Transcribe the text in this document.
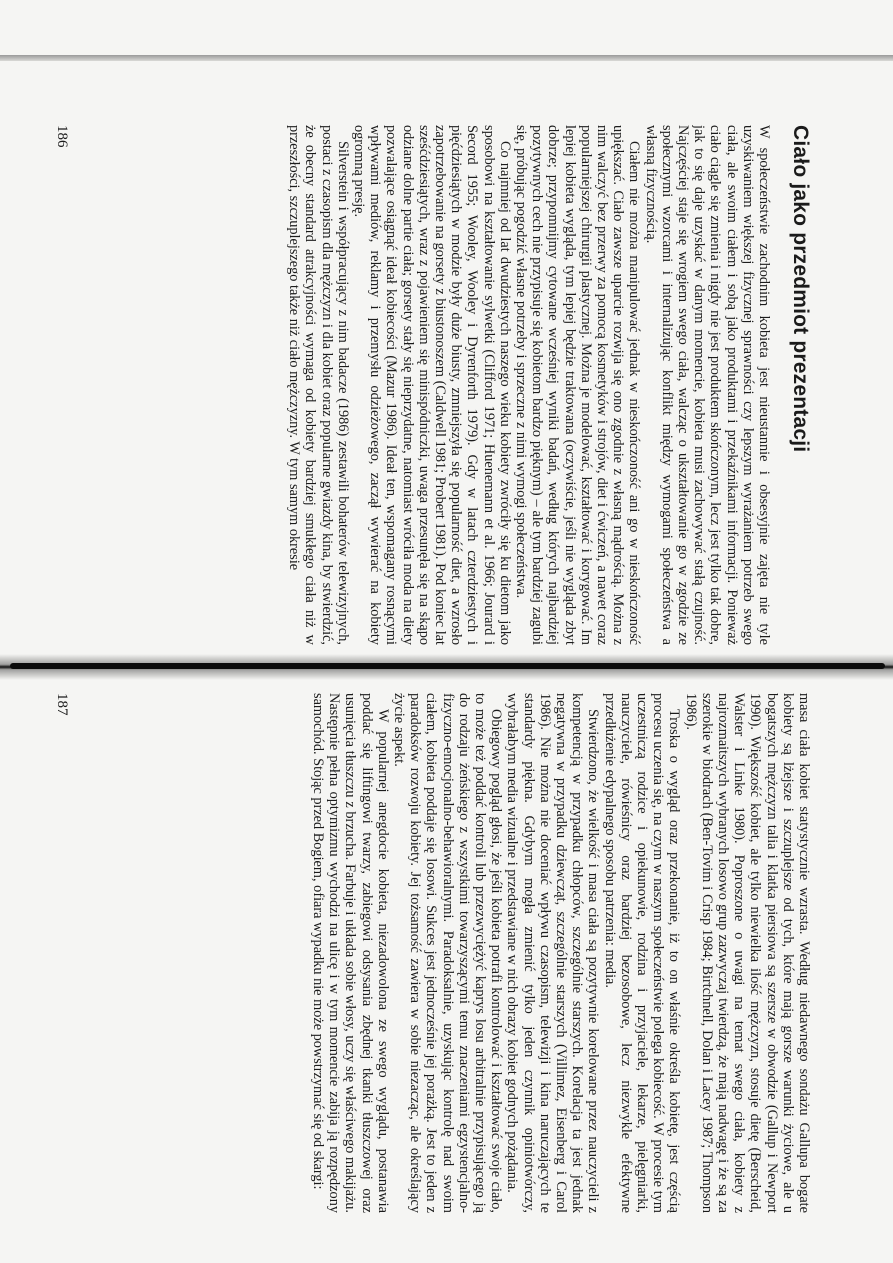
Ciało jako przedmiot prezentacji

W społeczeństwie zachodnim kobieta jest nieustannie i obsesyjnie zajęta nie tyle uzyskiwaniem większej fizycznej sprawności czy lepszym wyrażaniem potrzeb swego ciała, ale swoim ciałem i sobą jako produktami i przekaźnikami informacji. Ponieważ ciało ciągle się zmienia i nigdy nie jest produktem skończonym, lecz jest tylko tak dobre, jak to się daje uzyskać w danym momencie, kobieta musi zachowywać stałą czujność. Najczęściej staje się wrogiem swego ciała, walcząc o ukształtowanie go w zgodzie ze społecznymi wzorcami i internalizując konflikt między wymogami społeczeństwa a własną fizycznością.

Ciałem nie można manipulować jednak w nieskończoność ani go w nieskończoność upiększać. Ciało zawsze uparcie rozwija się ono zgodnie z własną mądrością. Można z nim walczyć bez przerwy za pomocą kosmetyków i strojów, diet i ćwiczeń, a nawet coraz popularniejszej chirurgii plastycznej. Można je modelować, kształtować i korygować. Im lepiej kobieta wygląda, tym lepiej będzie traktowana (oczywiście, jeśli nie wygląda zbyt dobrze; przypomnijmy cytowane wcześniej wyniki badań, według których najbardziej pozytywnych cech nie przypisuje się kobietom bardzo pięknym) – ale tym bardziej zagubi się, próbując pogodzić własne potrzeby i sprzeczne z nimi wymogi społeczeństwa.

Co najmniej od lat dwudziestych naszego wieku kobiety zwróciły się ku dietom jako sposobowi na kształtowanie sylwetki (Clifford 1971; Huenemann et al. 1966; Jourard i Secord 1955; Wooley, Wooley i Dyrenforth 1979). Gdy w latach czterdziestych i pięćdziesiątych w modzie były duże biusty, zmniejszyła się popularność diet, a wzrosło zapotrzebowanie na gorsety z biustonoszem (Caldwell 1981; Probert 1981). Pod koniec lat sześćdziesiątych, wraz z pojawieniem się minispódniczki, uwaga przesunęła się na skąpo odziane dolne partie ciała; gorsety stały się nieprzydatne, natomiast wróciła moda na diety pozwalające osiągnąć ideał kobiecości (Mazur 1986). Ideał ten, wspomagany rosnącymi wpływami mediów, reklamy i przemysłu odzieżowego, zaczął wywierać na kobiety ogromną presję.

Silverstein i współpracujący z nim badacze (1986) zestawili bohaterów telewizyjnych, postaci z czasopism dla mężczyzn i dla kobiet oraz popularne gwiazdy kina, by stwierdzić, że obecny standard atrakcyjności wymaga od kobiety bardziej smukłego ciała niż w przeszłości, szczuplejszego także niż ciało mężczyzny. W tym samym okresie

186

masa ciała kobiet statystycznie wzrasta. Według niedawnego sondażu Gallupa bogate kobiety są lżejsze i szczuplejsze od tych, które mają gorsze warunki życiowe, ale u bogatszych mężczyzn talia i klatka piersiowa są szersze w obwodzie (Gallup i Newport 1990). Większość kobiet, ale tylko niewielka ilość mężczyzn, stosuje dietę (Berscheid, Walster i Linke 1980). Poproszone o uwagi na temat swego ciała, kobiety z najrozmaitszych wybranych losowo grup zazwyczaj twierdzą, że mają nadwagę i że są za szerokie w biodrach (Ben-Tovim i Crisp 1984; Birtchnell, Dolan i Lacey 1987; Thompson 1986).

Troska o wygląd oraz przekonanie, iż to on właśnie określa kobietę, jest częścią procesu uczenia się, na czym w naszym społeczeństwie polega kobiecość. W procesie tym uczestniczą rodzice i opiekunowie, rodzina i przyjaciele, lekarze, pielęgniarki, nauczyciele, rówieśnicy oraz bardziej bezosobowe, lecz niezwykle efektywne przedłużenie edypalnego sposobu patrzenia: media.

Stwierdzono, że wielkość i masa ciała są pozytywnie korelowane przez nauczycieli z kompetencją w przypadku chłopców, szczególnie starszych. Korelacja ta jest jednak negatywna w przypadku dziewcząt, szczególnie starszych (Villimez, Eisenberg i Carol 1986). Nie można nie doceniać wpływu czasopism, telewizji i kina naruczających te standardy piękna. Gdybym mogła zmienić tylko jeden czynnik opiniotwórczy, wybrałabym media wizualne i przedstawiane w nich obrazy kobiet godnych pożądania.

Obiegowy pogląd głosi, że jeśli kobieta potrafi kontrolować i kształtować swoje ciało, to może też poddać kontroli lub przezwyciężyć kaprys losu arbitralnie przypisującego ją do rodzaju żeńskiego z wszystkimi towarzyszącymi temu znaczeniami egzystencjalno-fizyczno-emocjonalno-behawioralnymi. Paradoksalnie, uzyskując kontrolę nad swoim ciałem, kobieta poddaje się losowi. Sukces jest jednocześnie jej porażką. Jest to jeden z paradoksów rozwoju kobiety. Jej tożsamość zawiera w sobie niezacząc, ale określający życie aspekt.

W popularnej anegdocie kobieta, niezadowolona ze swego wyglądu, postanawia poddać się liftingowi twarzy, zabiegowi odsysania zbędnej tkanki tłuszczowej oraz usunięcia tłuszczu z brzucha. Farbuje i układa sobie włosy, uczy się właściwego makijażu. Następnie pełna optymizmu wychodzi na ulicę i w tym momencie zabija ją rozpędzony samochód. Stojąc przed Bogiem, ofiara wypadku nie może powstrzymać się od skargi:

187
